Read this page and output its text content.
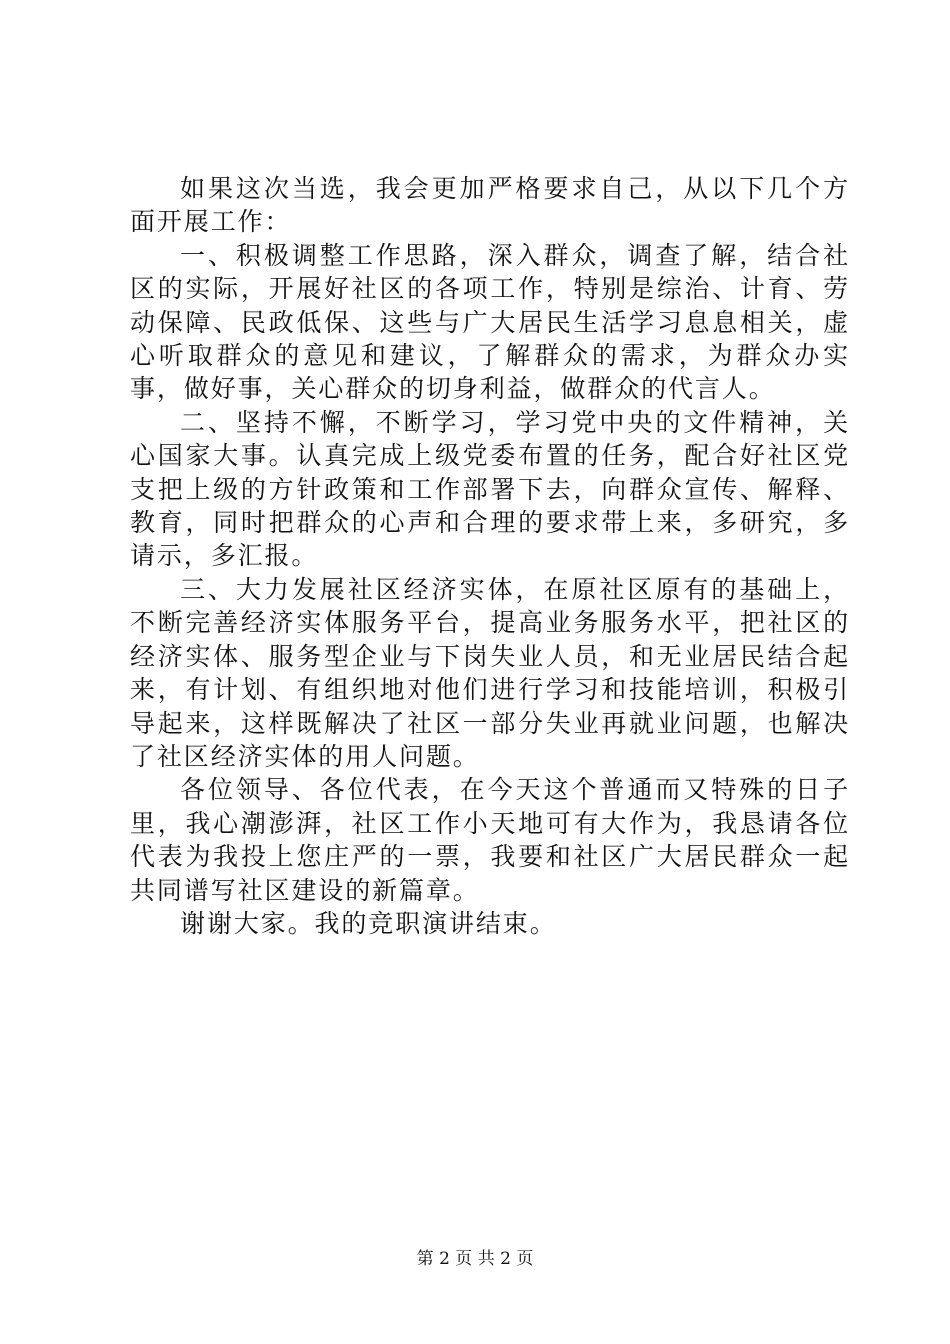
如果这次当选，我会更加严格要求自己，从以下几个方面开展工作：

一、积极调整工作思路，深入群众，调查了解，结合社区的实际，开展好社区的各项工作，特别是综治、计育、劳动保障、民政低保、这些与广大居民生活学习息息相关，虚心听取群众的意见和建议，了解群众的需求，为群众办实事，做好事，关心群众的切身利益，做群众的代言人。

二、坚持不懈，不断学习，学习党中央的文件精神，关心国家大事。认真完成上级党委布置的任务，配合好社区党支把上级的方针政策和工作部署下去，向群众宣传、解释、教育，同时把群众的心声和合理的要求带上来，多研究，多请示，多汇报。

三、大力发展社区经济实体，在原社区原有的基础上，不断完善经济实体服务平台，提高业务服务水平，把社区的经济实体、服务型企业与下岗失业人员，和无业居民结合起来，有计划、有组织地对他们进行学习和技能培训，积极引导起来，这样既解决了社区一部分失业再就业问题，也解决了社区经济实体的用人问题。

各位领导、各位代表，在今天这个普通而又特殊的日子里，我心潮澎湃，社区工作小天地可有大作为，我恳请各位代表为我投上您庄严的一票，我要和社区广大居民群众一起共同谱写社区建设的新篇章。

谢谢大家。我的竞职演讲结束。

第 2 页 共 2 页
